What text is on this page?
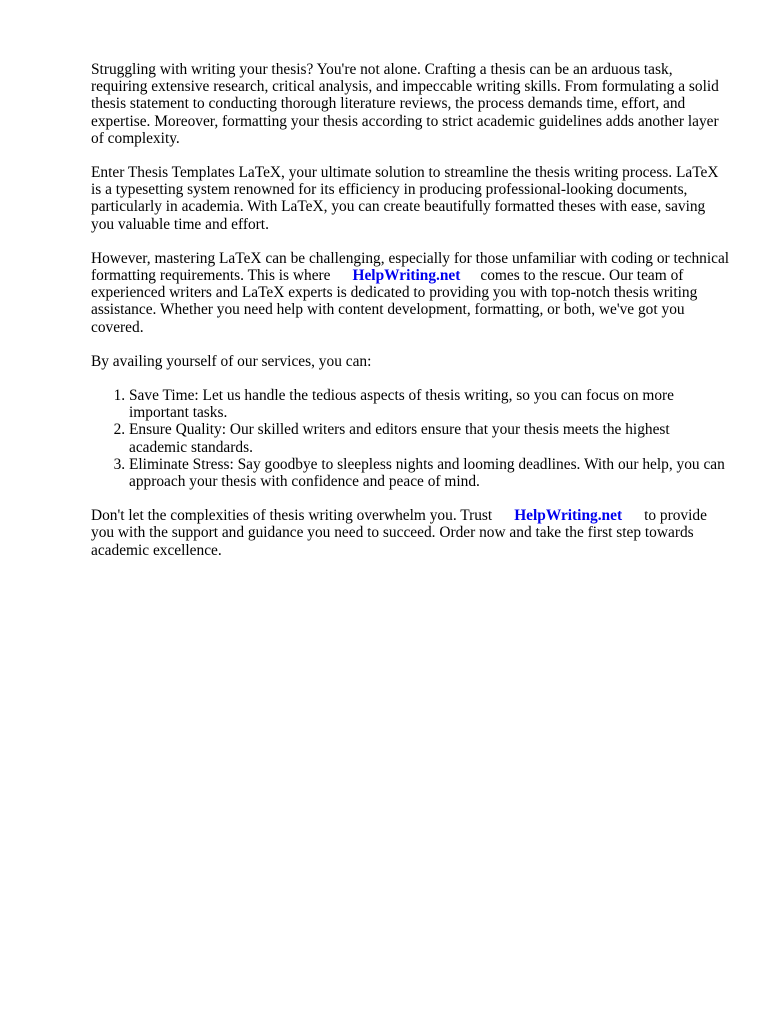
Struggling with writing your thesis? You're not alone. Crafting a thesis can be an arduous task, requiring extensive research, critical analysis, and impeccable writing skills. From formulating a solid thesis statement to conducting thorough literature reviews, the process demands time, effort, and expertise. Moreover, formatting your thesis according to strict academic guidelines adds another layer of complexity.

Enter Thesis Templates LaTeX, your ultimate solution to streamline the thesis writing process. LaTeX is a typesetting system renowned for its efficiency in producing professional-looking documents, particularly in academia. With LaTeX, you can create beautifully formatted theses with ease, saving you valuable time and effort.

However, mastering LaTeX can be challenging, especially for those unfamiliar with coding or technical formatting requirements. This is where HelpWriting.net comes to the rescue. Our team of experienced writers and LaTeX experts is dedicated to providing you with top-notch thesis writing assistance. Whether you need help with content development, formatting, or both, we've got you covered.

By availing yourself of our services, you can:

1. Save Time: Let us handle the tedious aspects of thesis writing, so you can focus on more important tasks.
2. Ensure Quality: Our skilled writers and editors ensure that your thesis meets the highest academic standards.
3. Eliminate Stress: Say goodbye to sleepless nights and looming deadlines. With our help, you can approach your thesis with confidence and peace of mind.

Don't let the complexities of thesis writing overwhelm you. Trust HelpWriting.net to provide you with the support and guidance you need to succeed. Order now and take the first step towards academic excellence.
